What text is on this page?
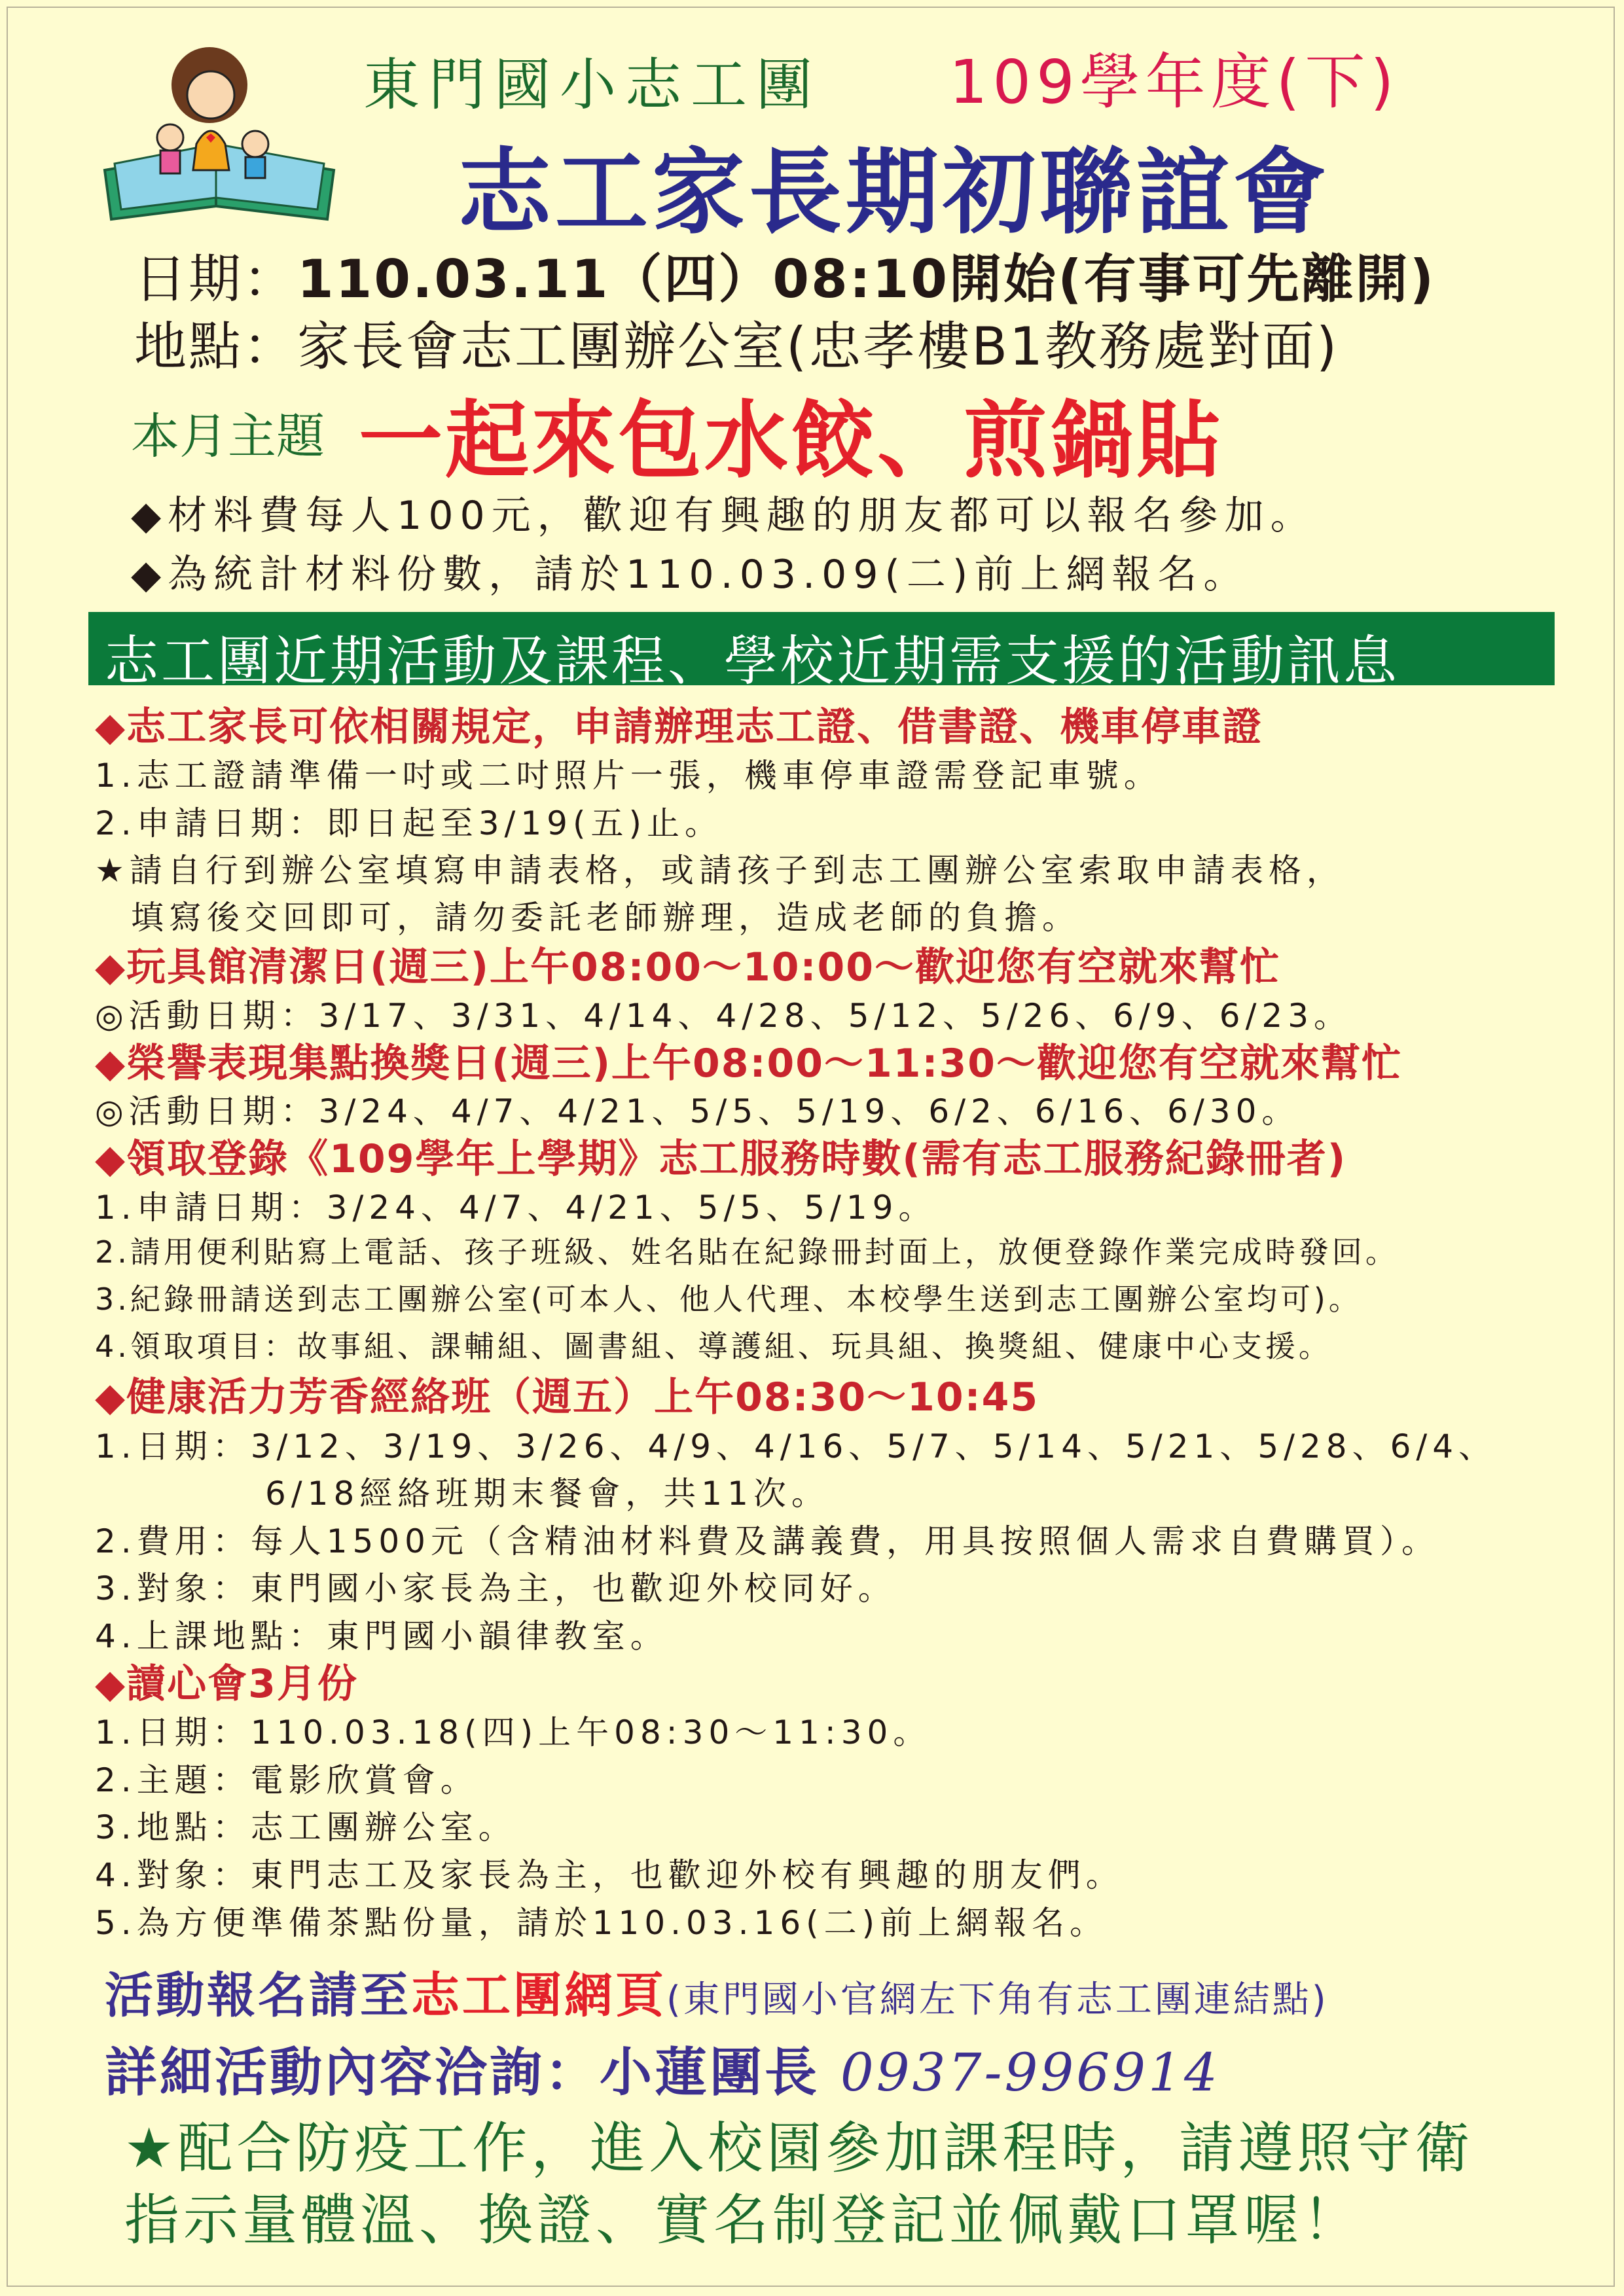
東門國小志工團 109學年度(下)
志工家長期初聯誼會
日期：110.03.11（四）08:10開始(有事可先離開)
地點：家長會志工團辦公室(忠孝樓B1教務處對面)
本月主題 一起來包水餃、煎鍋貼
◆材料費每人100元，歡迎有興趣的朋友都可以報名參加。
◆為統計材料份數，請於110.03.09(二)前上網報名。
志工團近期活動及課程、學校近期需支援的活動訊息
◆志工家長可依相關規定，申請辦理志工證、借書證、機車停車證
1.志工證請準備一吋或二吋照片一張，機車停車證需登記車號。
2.申請日期：即日起至3/19(五)止。
★請自行到辦公室填寫申請表格，或請孩子到志工團辦公室索取申請表格，
填寫後交回即可，請勿委託老師辦理，造成老師的負擔。
◆玩具館清潔日(週三)上午08:00～10:00～歡迎您有空就來幫忙
◎活動日期：3/17、3/31、4/14、4/28、5/12、5/26、6/9、6/23。
◆榮譽表現集點換獎日(週三)上午08:00～11:30～歡迎您有空就來幫忙
◎活動日期：3/24、4/7、4/21、5/5、5/19、6/2、6/16、6/30。
◆領取登錄《109學年上學期》志工服務時數(需有志工服務紀錄冊者)
1.申請日期：3/24、4/7、4/21、5/5、5/19。
2.請用便利貼寫上電話、孩子班級、姓名貼在紀錄冊封面上，放便登錄作業完成時發回。
3.紀錄冊請送到志工團辦公室(可本人、他人代理、本校學生送到志工團辦公室均可)。
4.領取項目：故事組、課輔組、圖書組、導護組、玩具組、換獎組、健康中心支援。
◆健康活力芳香經絡班（週五）上午08:30～10:45
1.日期：3/12、3/19、3/26、4/9、4/16、5/7、5/14、5/21、5/28、6/4、
6/18經絡班期末餐會，共11次。
2.費用：每人1500元（含精油材料費及講義費，用具按照個人需求自費購買）。
3.對象：東門國小家長為主，也歡迎外校同好。
4.上課地點：東門國小韻律教室。
◆讀心會3月份
1.日期：110.03.18(四)上午08:30～11:30。
2.主題：電影欣賞會。
3.地點：志工團辦公室。
4.對象：東門志工及家長為主，也歡迎外校有興趣的朋友們。
5.為方便準備茶點份量，請於110.03.16(二)前上網報名。
活動報名請至志工團網頁(東門國小官網左下角有志工團連結點)
詳細活動內容洽詢：小蓮團長 0937-996914
★配合防疫工作，進入校園參加課程時，請遵照守衛
指示量體溫、換證、實名制登記並佩戴口罩喔！
